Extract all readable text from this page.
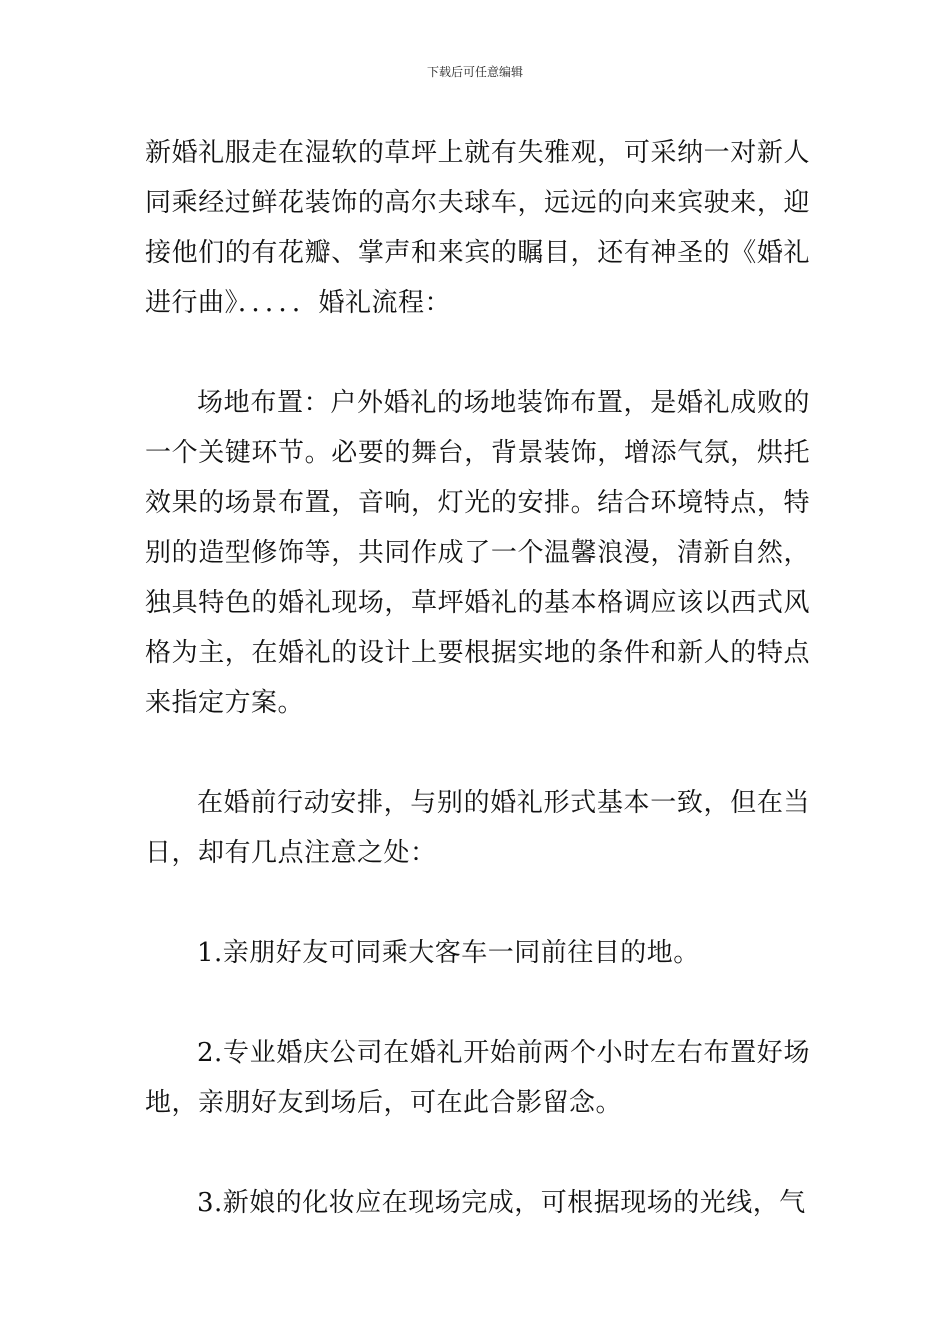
下载后可任意编辑

新婚礼服走在湿软的草坪上就有失雅观，可采纳一对新人同乘经过鲜花装饰的高尔夫球车，远远的向来宾驶来，迎接他们的有花瓣、掌声和来宾的瞩目，还有神圣的《婚礼进行曲》．．．．．婚礼流程：

场地布置：户外婚礼的场地装饰布置，是婚礼成败的一个关键环节。必要的舞台，背景装饰，增添气氛，烘托效果的场景布置，音响，灯光的安排。结合环境特点，特别的造型修饰等，共同作成了一个温馨浪漫，清新自然，独具特色的婚礼现场，草坪婚礼的基本格调应该以西式风格为主，在婚礼的设计上要根据实地的条件和新人的特点来指定方案。

在婚前行动安排，与别的婚礼形式基本一致，但在当日，却有几点注意之处：

1.亲朋好友可同乘大客车一同前往目的地。

2.专业婚庆公司在婚礼开始前两个小时左右布置好场地，亲朋好友到场后，可在此合影留念。

3.新娘的化妆应在现场完成，可根据现场的光线，气
